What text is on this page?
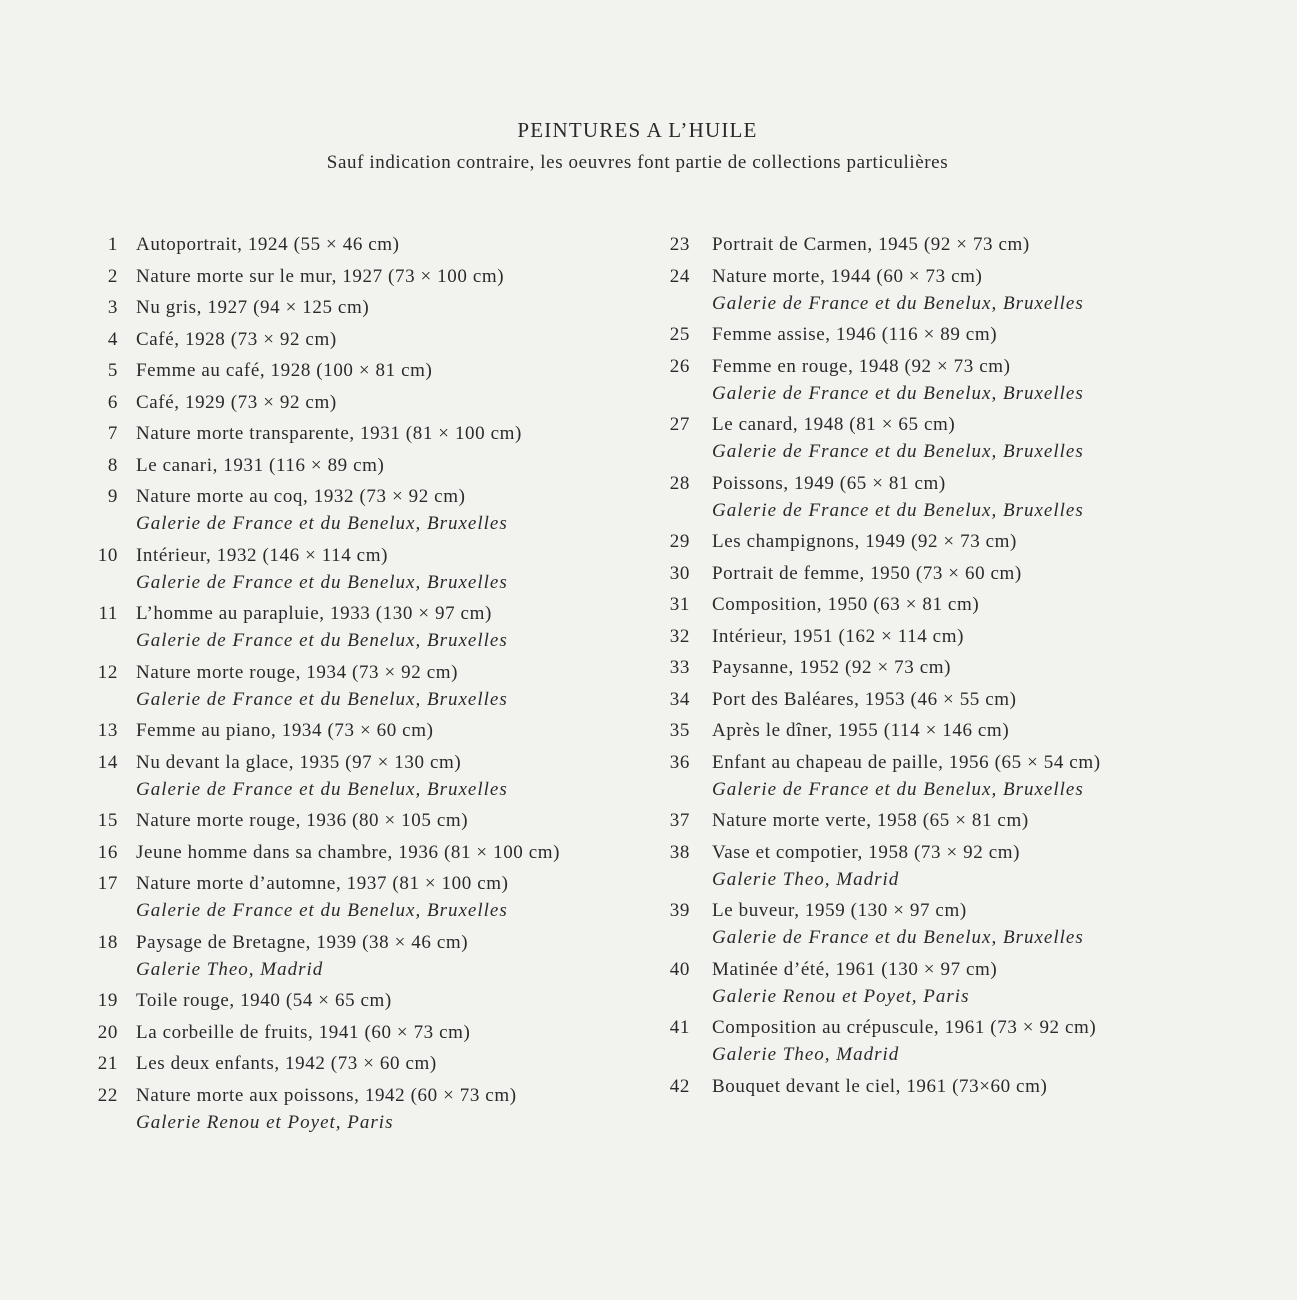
PEINTURES A L’HUILE
Sauf indication contraire, les oeuvres font partie de collections particulières
1 Autoportrait, 1924 (55 × 46 cm)
2 Nature morte sur le mur, 1927 (73 × 100 cm)
3 Nu gris, 1927 (94 × 125 cm)
4 Café, 1928 (73 × 92 cm)
5 Femme au café, 1928 (100 × 81 cm)
6 Café, 1929 (73 × 92 cm)
7 Nature morte transparente, 1931 (81 × 100 cm)
8 Le canari, 1931 (116 × 89 cm)
9 Nature morte au coq, 1932 (73 × 92 cm)
Galerie de France et du Benelux, Bruxelles
10 Intérieur, 1932 (146 × 114 cm)
Galerie de France et du Benelux, Bruxelles
11 L’homme au parapluie, 1933 (130 × 97 cm)
Galerie de France et du Benelux, Bruxelles
12 Nature morte rouge, 1934 (73 × 92 cm)
Galerie de France et du Benelux, Bruxelles
13 Femme au piano, 1934 (73 × 60 cm)
14 Nu devant la glace, 1935 (97 × 130 cm)
Galerie de France et du Benelux, Bruxelles
15 Nature morte rouge, 1936 (80 × 105 cm)
16 Jeune homme dans sa chambre, 1936 (81 × 100 cm)
17 Nature morte d’automne, 1937 (81 × 100 cm)
Galerie de France et du Benelux, Bruxelles
18 Paysage de Bretagne, 1939 (38 × 46 cm)
Galerie Theo, Madrid
19 Toile rouge, 1940 (54 × 65 cm)
20 La corbeille de fruits, 1941 (60 × 73 cm)
21 Les deux enfants, 1942 (73 × 60 cm)
22 Nature morte aux poissons, 1942 (60 × 73 cm)
Galerie Renou et Poyet, Paris
23	Portrait de Carmen, 1945 (92 × 73 cm)
24	Nature morte, 1944 (60 × 73 cm)
Galerie de France et du Benelux, Bruxelles
25	Femme assise, 1946 (116 × 89 cm)
26	Femme en rouge, 1948 (92 × 73 cm)
Galerie de France et du Benelux, Bruxelles
27	Le canard, 1948 (81 × 65 cm)
Galerie de France et du Benelux, Bruxelles
28	Poissons, 1949 (65 × 81 cm)
Galerie de France et du Benelux, Bruxelles
29	Les champignons, 1949 (92 × 73 cm)
30	Portrait de femme, 1950 (73 × 60 cm)
31	Composition, 1950 (63 × 81 cm)
32	Intérieur, 1951 (162 × 114 cm)
33	Paysanne, 1952 (92 × 73 cm)
34	Port des Baléares, 1953 (46 × 55 cm)
35	Après le dîner, 1955 (114 × 146 cm)
36	Enfant au chapeau de paille, 1956 (65 × 54 cm)
Galerie de France et du Benelux, Bruxelles
37	Nature morte verte, 1958 (65 × 81 cm)
38	Vase et compotier, 1958 (73 × 92 cm)
Galerie Theo, Madrid
39	Le buveur, 1959 (130 × 97 cm)
Galerie de France et du Benelux, Bruxelles
40	Matinée d’été, 1961 (130 × 97 cm)
Galerie Renou et Poyet, Paris
41	Composition au crépuscule, 1961 (73 × 92 cm)
Galerie Theo, Madrid
42	Bouquet devant le ciel, 1961 (73×60 cm)
